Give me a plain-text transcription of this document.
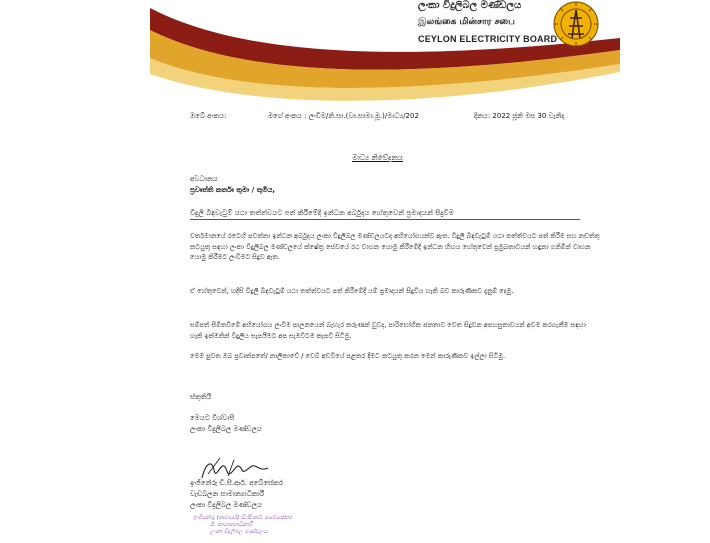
ලංකා විදුලිබල මණ්ඩලය
இலங்கை மின்சார சபை
CEYLON ELECTRICITY BOARD
ඔබේ අංකය:	මගේ අංකය : ලංවිම/නි.සා.(වෘ.සාමා.මූ.)/මාධ්‍ය/202	දිනය: 2022 ජූනි මස 30 වැනිදා
මාධ්‍ය නිවේදනය
අවධානය
ප්‍රවෘත්ති කර්තෘ තුමා / තුමිය,
විදුලි බිඳවැටුම් යථා තත්ත්වයට පත් කිරීමේදී ඉන්ධන අර්බුදය හේතුවෙන් ප්‍රමාදයන් සිදුවීම
වර්තමානයේ රටෙහි පවත්නා ඉන්ධන අර්බුදය ලංකා විදුලිබල මණ්ඩලයටද අභියෝගයක්ව ඇත. විදුලි බිඳවැටුම් යථා තත්ත්වයට පත් කිරීම සහ නඩත්තු කටයුතු සඳහා ලංකා විදුලිබල මණ්ඩලයේ ක්ෂේත්‍ර සේවයේ රථ වාහන යොමු කිරීමේදී ඉන්ධන හිඟය හේතුවෙන් ප්‍රමුඛතාවයන් හඳුනා ගනිමින් වාහන යොමු කිරීමට ලංවිමට සිදුව ඇත.
ඒ හේතුවෙන්, හදිසි විදුලි බිඳවැටුම් යථා තත්ත්වයට පත් කිරීමේදී යම් ප්‍රමාදයන් සිදුවිය හැකි බව කාරුණිකව දැනුම් දෙමු.
සම්පත් සීමිතවීමේ අභියෝගය ලංවිම පාලනයෙන් බැහැර කරුණක් වුවද, පාරිභෝගික ජනතාව වෙත සිදුවන අපහසුතාවයන් අවම කරගැනීම සඳහා හැකි ඉක්මනින් විදුලිය සැපයීමට අප සැමවිටම කැපවී සිටිමු.
මෙම පුවත ඔබ ප්‍රවෘත්පතේ/ නාලිකාවේ / වෙබ් අඩවියේ පළකර දීමට කටයුතු කරන මෙන් කාරුණිකව ඉල්ලා සිටිමු.
ස්තුතියි
මෙයට විශ්වාසී
ලංකා විදුලිබල මණ්ඩලය
ඉංජිනේරු ඩී.සී.ආර්. අබේසේකර
වැඩබලන සාමාන්‍යාධිකාරී
ලංකා විදුලිබල මණ්ඩලය
ඉංජිනේරු (ආචාර්ය) ඩී.සී.ආර්. අබේසේකර
ජී. සාමාන්‍යාධිකාරී
ලංකා විදුලිබල මණ්ඩලය
